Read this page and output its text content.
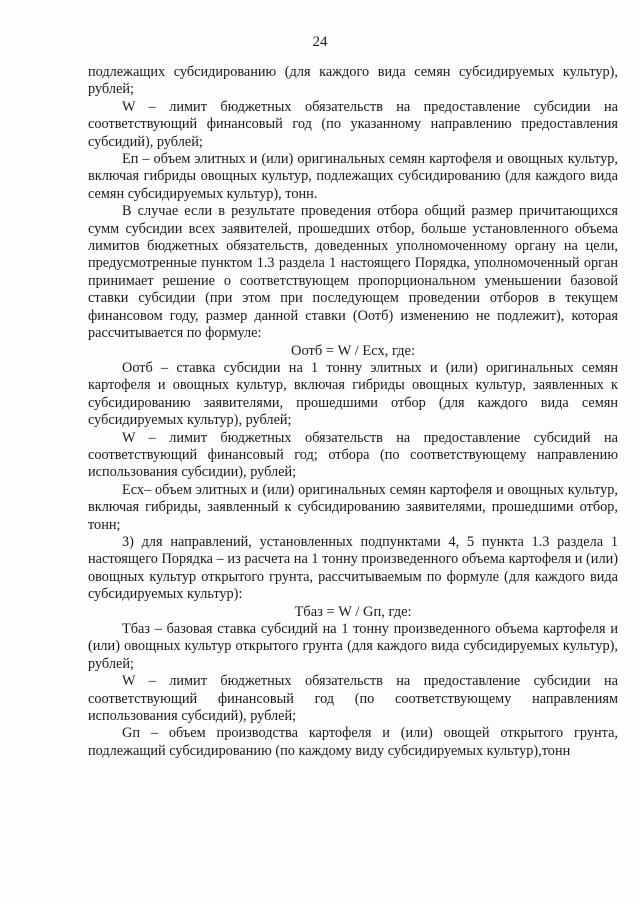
24

подлежащих субсидированию (для каждого вида семян субсидируемых культур), рублей;

W – лимит бюджетных обязательств на предоставление субсидии на соответствующий финансовый год (по указанному направлению предоставления субсидий), рублей;

Еп – объем элитных и (или) оригинальных семян картофеля и овощных культур, включая гибриды овощных культур, подлежащих субсидированию (для каждого вида семян субсидируемых культур), тонн.

В случае если в результате проведения отбора общий размер причитающихся сумм субсидии всех заявителей, прошедших отбор, больше установленного объема лимитов бюджетных обязательств, доведенных уполномоченному органу на цели, предусмотренные пунктом 1.3 раздела 1 настоящего Порядка, уполномоченный орган принимает решение о соответствующем пропорциональном уменьшении базовой ставки субсидии (при этом при последующем проведении отборов в текущем финансовом году, размер данной ставки (Оотб) изменению не подлежит), которая рассчитывается по формуле:

Оотб = W / Есх, где:

Оотб – ставка субсидии на 1 тонну элитных и (или) оригинальных семян картофеля и овощных культур, включая гибриды овощных культур, заявленных к субсидированию заявителями, прошедшими отбор (для каждого вида семян субсидируемых культур), рублей;

W – лимит бюджетных обязательств на предоставление субсидий на соответствующий финансовый год; отбора (по соответствующему направлению использования субсидии), рублей;

Есх– объем элитных и (или) оригинальных семян картофеля и овощных культур, включая гибриды, заявленный к субсидированию заявителями, прошедшими отбор, тонн;

3) для направлений, установленных подпунктами 4, 5 пункта 1.3 раздела 1 настоящего Порядка – из расчета на 1 тонну произведенного объема картофеля и (или) овощных культур открытого грунта, рассчитываемым по формуле (для каждого вида субсидируемых культур):

Тбаз = W / Gп, где:

Тбаз – базовая ставка субсидий на 1 тонну произведенного объема картофеля и (или) овощных культур открытого грунта (для каждого вида субсидируемых культур), рублей;

W – лимит бюджетных обязательств на предоставление субсидии на соответствующий финансовый год (по соответствующему направлениям использования субсидий), рублей;

Gп – объем производства картофеля и (или) овощей открытого грунта, подлежащий субсидированию (по каждому виду субсидируемых культур),тонн
